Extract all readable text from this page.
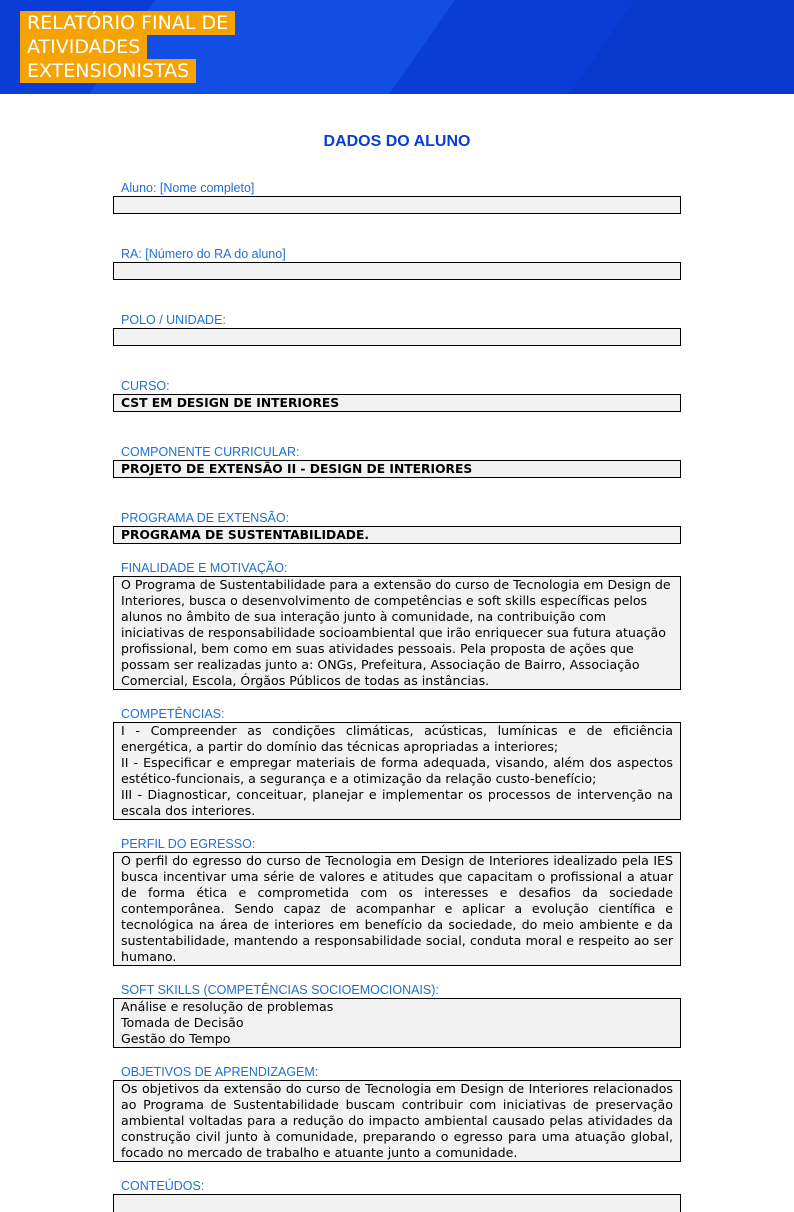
RELATÓRIO FINAL DE
ATIVIDADES
EXTENSIONISTAS
DADOS DO ALUNO
Aluno: [Nome completo]
RA: [Número do RA do aluno]
POLO / UNIDADE:
CURSO:
CST EM DESIGN DE INTERIORES
COMPONENTE CURRICULAR:
PROJETO DE EXTENSÃO II - DESIGN DE INTERIORES
PROGRAMA DE EXTENSÃO:
PROGRAMA DE SUSTENTABILIDADE.
FINALIDADE E MOTIVAÇÃO:
O Programa de Sustentabilidade para a extensão do curso de Tecnologia em Design de Interiores, busca o desenvolvimento de competências e soft skills específicas pelos alunos no âmbito de sua interação junto à comunidade, na contribuição com iniciativas de responsabilidade socioambiental que irão enriquecer sua futura atuação profissional, bem como em suas atividades pessoais. Pela proposta de ações que possam ser realizadas junto a: ONGs, Prefeitura, Associação de Bairro, Associação Comercial, Escola, Órgãos Públicos de todas as instâncias.
COMPETÊNCIAS:
I - Compreender as condições climáticas, acústicas, lumínicas e de eficiência energética, a partir do domínio das técnicas apropriadas a interiores;
II - Especificar e empregar materiais de forma adequada, visando, além dos aspectos estético-funcionais, a segurança e a otimização da relação custo-benefício;
III - Diagnosticar, conceituar, planejar e implementar os processos de intervenção na escala dos interiores.
PERFIL DO EGRESSO:
O perfil do egresso do curso de Tecnologia em Design de Interiores idealizado pela IES busca incentivar uma série de valores e atitudes que capacitam o profissional a atuar de forma ética e comprometida com os interesses e desafios da sociedade contemporânea. Sendo capaz de acompanhar e aplicar a evolução científica e tecnológica na área de interiores em benefício da sociedade, do meio ambiente e da sustentabilidade, mantendo a responsabilidade social, conduta moral e respeito ao ser humano.
SOFT SKILLS (COMPETÊNCIAS SOCIOEMOCIONAIS):
Análise e resolução de problemas
Tomada de Decisão
Gestão do Tempo
OBJETIVOS DE APRENDIZAGEM:
Os objetivos da extensão do curso de Tecnologia em Design de Interiores relacionados ao Programa de Sustentabilidade buscam contribuir com iniciativas de preservação ambiental voltadas para a redução do impacto ambiental causado pelas atividades da construção civil junto à comunidade, preparando o egresso para uma atuação global, focado no mercado de trabalho e atuante junto a comunidade.
CONTEÚDOS:
